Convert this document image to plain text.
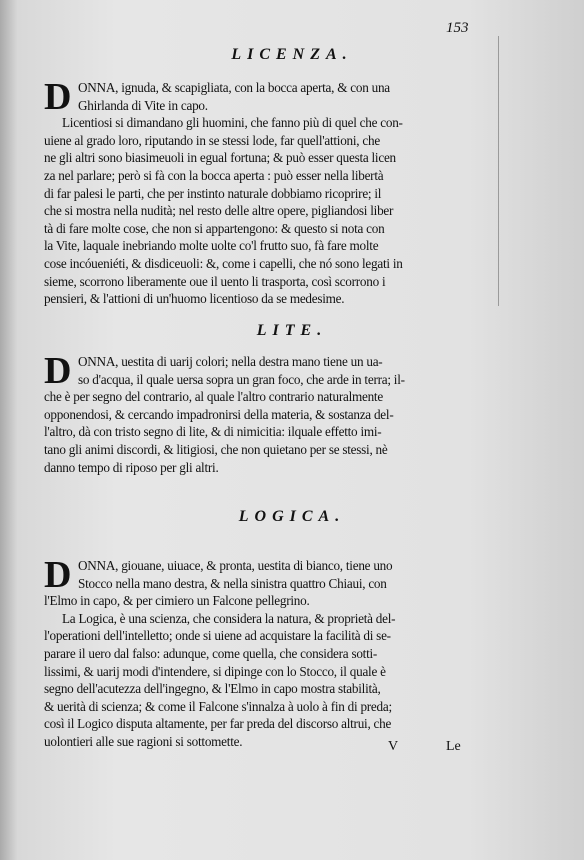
153
LICENZA.
D ONNA, ignuda, & scapigliata, con la bocca aperta, & con una
Ghirlanda di Vite in capo.
Licentiosi si dimandano gli huomini, che fanno più di quel che con-
uiene al grado loro, riputando in se stessi lode, far quell'attioni, che
ne gli altri sono biasimeuoli in egual fortuna; & può esser questa licen
za nel parlare; però si fà con la bocca aperta : può esser nella libertà
di far palesi le parti, che per instinto naturale dobbiamo ricoprire; il
che si mostra nella nudità; nel resto delle altre opere, pigliandosi liber
tà di fare molte cose, che non si appartengono: & questo si nota con
la Vite, laquale inebriando molte uolte co'l frutto suo, fà fare molte
cose incóueniéti, & disdiceuoli: &, come i capelli, che nó sono legati in
sieme, scorrono liberamente oue il uento li trasporta, così scorrono i
pensieri, & l'attioni di un'huomo licentioso da se medesime.
LITE.
D ONNA, uestita di uarij colori; nella destra mano tiene un ua-
so d'acqua, il quale uersa sopra un gran foco, che arde in terra; il-
che è per segno del contrario, al quale l'altro contrario naturalmente
opponendosi, & cercando impadronirsi della materia, & sostanza del-
l'altro, dà con tristo segno di lite, & di nimicitia: ilquale effetto imi-
tano gli animi discordi, & litigiosi, che non quietano per se stessi, nè
danno tempo di riposo per gli altri.
LOGICA.
D ONNA, giouane, uiuace, & pronta, uestita di bianco, tiene uno
Stocco nella mano destra, & nella sinistra quattro Chiaui, con
l'Elmo in capo, & per cimiero un Falcone pellegrino.
La Logica, è una scienza, che considera la natura, & proprietà del-
l'operationi dell'intelletto; onde si uiene ad acquistare la facilità di se-
parare il uero dal falso: adunque, come quella, che considera sotti-
lissimi, & uarij modi d'intendere, si dipinge con lo Stocco, il quale è
segno dell'acutezza dell'ingegno, & l'Elmo in capo mostra stabilità,
& uerità di scienza; & come il Falcone s'innalza à uolo à fin di preda;
così il Logico disputa altamente, per far preda del discorso altrui, che
uolontieri alle sue ragioni si sottomette.	V	Le
